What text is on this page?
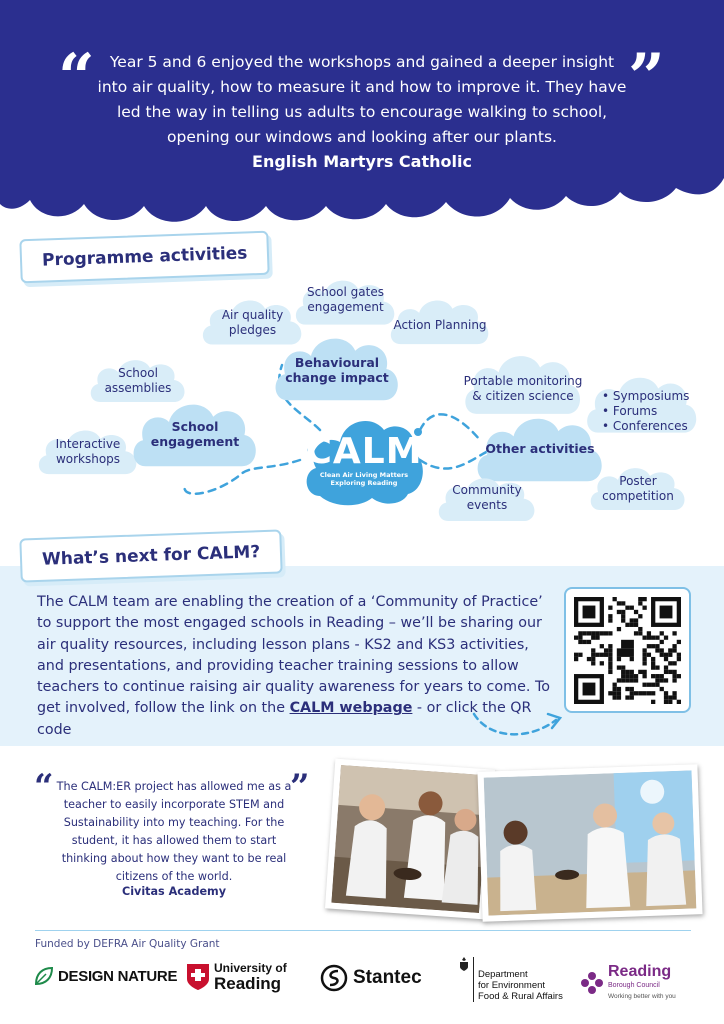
“	”
Year 5 and 6 enjoyed the workshops and gained a deeper insight into air quality, how to measure it and how to improve it. They have led the way in telling us adults to encourage walking to school, opening our windows and looking after our plants.
English Martyrs Catholic
Programme activities
Air quality pledges
School gates engagement
Action Planning
Behavioural change impact
School assemblies	Portable monitoring & citizen science	• Symposiums
• Forums
• Conferences
Interactive workshops
School engagement	Other activities
Poster competition
Community events
CALM
Clean Air Living Matters
Exploring Reading
What’s next for CALM?
The CALM team are enabling the creation of a ‘Community of Practice’ to support the most engaged schools in Reading – we’ll be sharing our air quality resources, including lesson plans - KS2 and KS3 activities, and presentations, and providing teacher training sessions to allow teachers to continue raising air quality awareness for years to come. To get involved, follow the link on the CALM webpage - or click the QR code
“	”
The CALM:ER project has allowed me as a teacher to easily incorporate STEM and Sustainability into my teaching. For the student, it has allowed them to start thinking about how they want to be real citizens of the world.
Civitas Academy
Funded by DEFRA Air Quality Grant
DESIGN NATURE	University of
Reading	Stantec	Department
for Environment
Food & Rural Affairs
Reading
Borough Council
Working better with you
